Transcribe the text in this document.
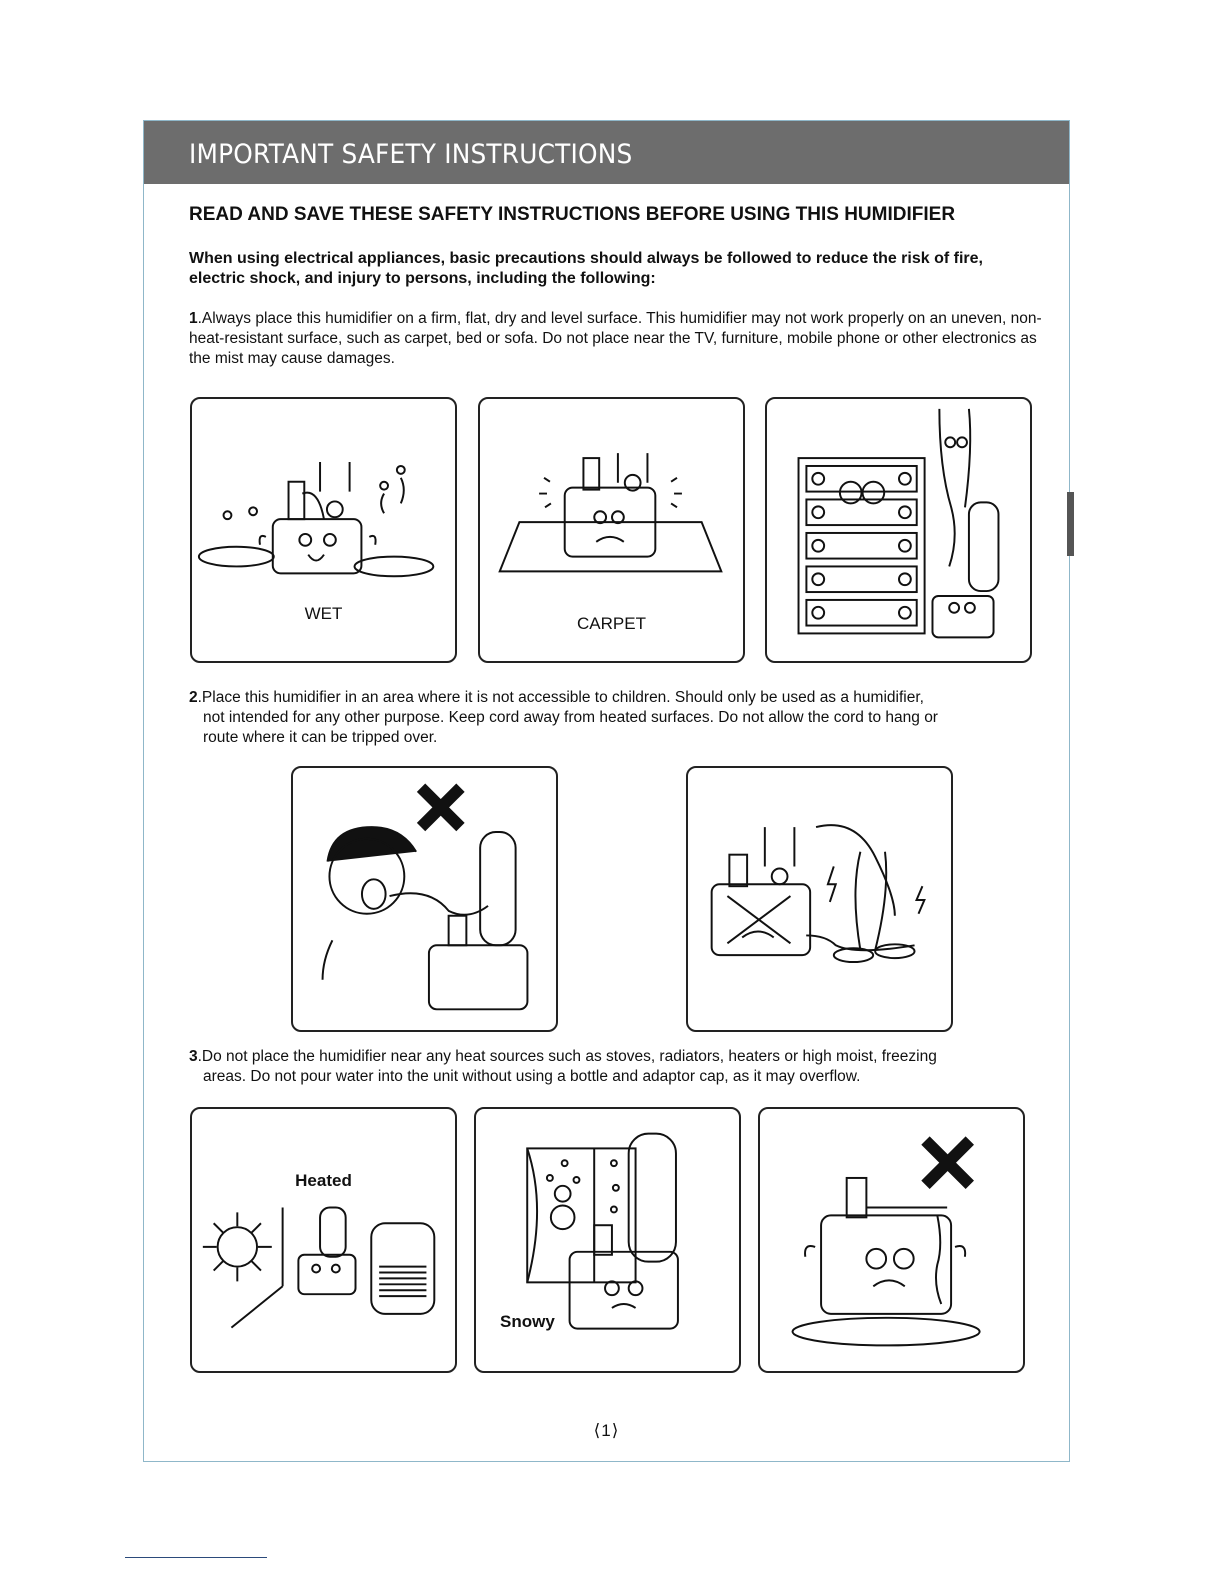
IMPORTANT SAFETY INSTRUCTIONS
READ AND SAVE THESE SAFETY INSTRUCTIONS BEFORE USING THIS HUMIDIFIER
When using electrical appliances, basic precautions should always be followed to reduce the risk of fire, electric shock, and injury to persons, including the following:
1.Always place this humidifier on a firm, flat, dry and level surface. This humidifier may not work properly on an uneven, non-heat-resistant surface, such as carpet, bed or sofa. Do not place near the TV, furniture, mobile phone or other electronics as the mist may cause damages.
WET
CARPET
2.Place this humidifier in an area where it is not accessible to children. Should only be used as a humidifier,
not intended for any other purpose. Keep cord away from heated surfaces. Do not allow the cord to hang or
route where it can be tripped over.
3.Do not place the humidifier near any heat sources such as stoves, radiators, heaters or high moist, freezing
areas. Do not pour water into the unit without using a bottle and adaptor cap, as it may overflow.
Heated
Snowy
⟨1⟩
